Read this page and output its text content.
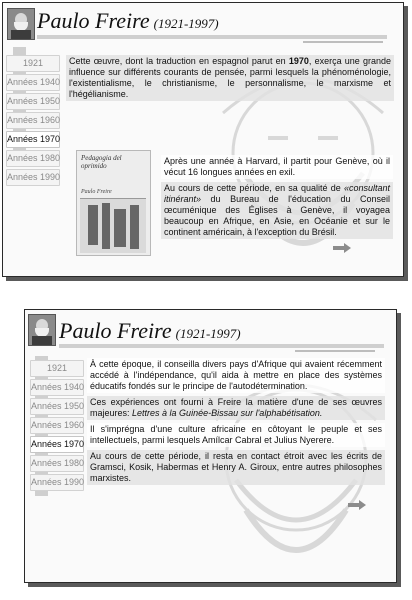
Paulo Freire (1921-1997)
1921
Années 1940
Années 1950
Années 1960
Années 1970
Années 1980
Années 1990

Cette œuvre, dont la traduction en espagnol parut en 1970, exerça une grande influence sur différents courants de pensée, parmi lesquels la phénoménologie, l'existentialisme, le christianisme, le personnalisme, le marxisme et l'hégélianisme.

Pedagogia del oprimido
Paulo Freire

Après une année à Harvard, il partit pour Genève, où il vécut 16 longues années en exil.

Au cours de cette période, en sa qualité de «consultant itinérant» du Bureau de l'éducation du Conseil œcuménique des Églises à Genève, il voyagea beaucoup en Afrique, en Asie, en Océanie et sur le continent américain, à l'exception du Brésil.

Paulo Freire (1921-1997)
1921
Années 1940
Années 1950
Années 1960
Années 1970
Années 1980
Années 1990

À cette époque, il conseilla divers pays d'Afrique qui avaient récemment accédé à l'indépendance, qu'il aida à mettre en place des systèmes éducatifs fondés sur le principe de l'autodétermination.

Ces expériences ont fourni à Freire la matière d'une de ses œuvres majeures: Lettres à la Guinée-Bissau sur l'alphabétisation.

Il s'imprégna d'une culture africaine en côtoyant le peuple et ses intellectuels, parmi lesquels Amílcar Cabral et Julius Nyerere.

Au cours de cette période, il resta en contact étroit avec les écrits de Gramsci, Kosik, Habermas et Henry A. Giroux, entre autres philosophes marxistes.
